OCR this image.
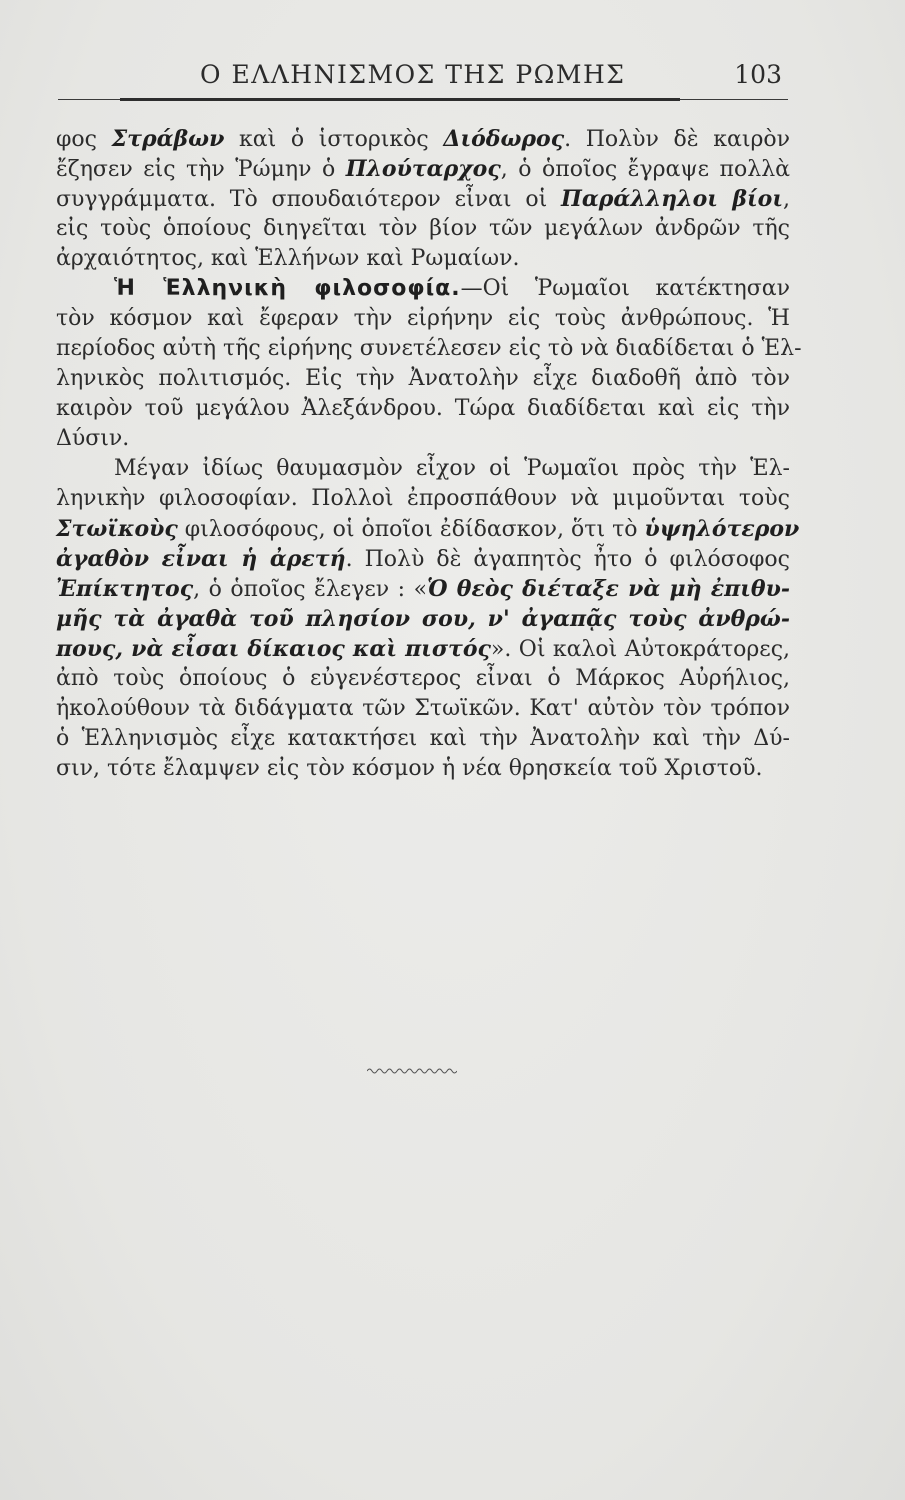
Ο ΕΛΛΗΝΙΣΜΟΣ ΤΗΣ ΡΩΜΗΣ	103
φος Στράβων καὶ ὁ ἱστορικὸς Διόδωρος. Πολὺν δὲ καιρὸν
ἔζησεν εἰς τὴν Ῥώμην ὁ Πλούταρχος, ὁ ὁποῖος ἔγραψε πολλὰ
συγγράμματα. Τὸ σπουδαιότερον εἶναι οἱ Παράλληλοι βίοι,
εἰς τοὺς ὁποίους διηγεῖται τὸν βίον τῶν μεγάλων ἀνδρῶν τῆς
ἀρχαιότητος, καὶ Ἑλλήνων καὶ Ρωμαίων.
Ἡ Ἑλληνικὴ φιλοσοφία.—Οἱ Ῥωμαῖοι κατέκτησαν
τὸν κόσμον καὶ ἔφεραν τὴν εἰρήνην εἰς τοὺς ἀνθρώπους. Ἡ
περίοδος αὐτὴ τῆς εἰρήνης συνετέλεσεν εἰς τὸ νὰ διαδίδεται ὁ Ἑλ-
ληνικὸς πολιτισμός. Εἰς τὴν Ἀνατολὴν εἶχε διαδοθῆ ἀπὸ τὸν
καιρὸν τοῦ μεγάλου Ἀλεξάνδρου. Τώρα διαδίδεται καὶ εἰς τὴν
Δύσιν.
Μέγαν ἰδίως θαυμασμὸν εἶχον οἱ Ῥωμαῖοι πρὸς τὴν Ἑλ-
ληνικὴν φιλοσοφίαν. Πολλοὶ ἐπροσπάθουν νὰ μιμοῦνται τοὺς
Στωϊκοὺς φιλοσόφους, οἱ ὁποῖοι ἐδίδασκον, ὅτι τὸ ὑψηλότερον
ἀγαθὸν εἶναι ἡ ἀρετή. Πολὺ δὲ ἀγαπητὸς ἦτο ὁ φιλόσοφος
Ἐπίκτητος, ὁ ὁποῖος ἔλεγεν : «Ὁ θεὸς διέταξε νὰ μὴ ἐπιθυ-
μῆς τὰ ἀγαθὰ τοῦ πλησίον σου, ν' ἀγαπᾷς τοὺς ἀνθρώ-
πους, νὰ εἶσαι δίκαιος καὶ πιστός». Οἱ καλοὶ Αὐτοκράτορες,
ἀπὸ τοὺς ὁποίους ὁ εὐγενέστερος εἶναι ὁ Μάρκος Αὐρήλιος,
ἠκολούθουν τὰ διδάγματα τῶν Στωϊκῶν. Κατ' αὐτὸν τὸν τρόπον
ὁ Ἑλληνισμὸς εἶχε κατακτήσει καὶ τὴν Ἀνατολὴν καὶ τὴν Δύ-
σιν, τότε ἔλαμψεν εἰς τὸν κόσμον ἡ νέα θρησκεία τοῦ Χριστοῦ.
